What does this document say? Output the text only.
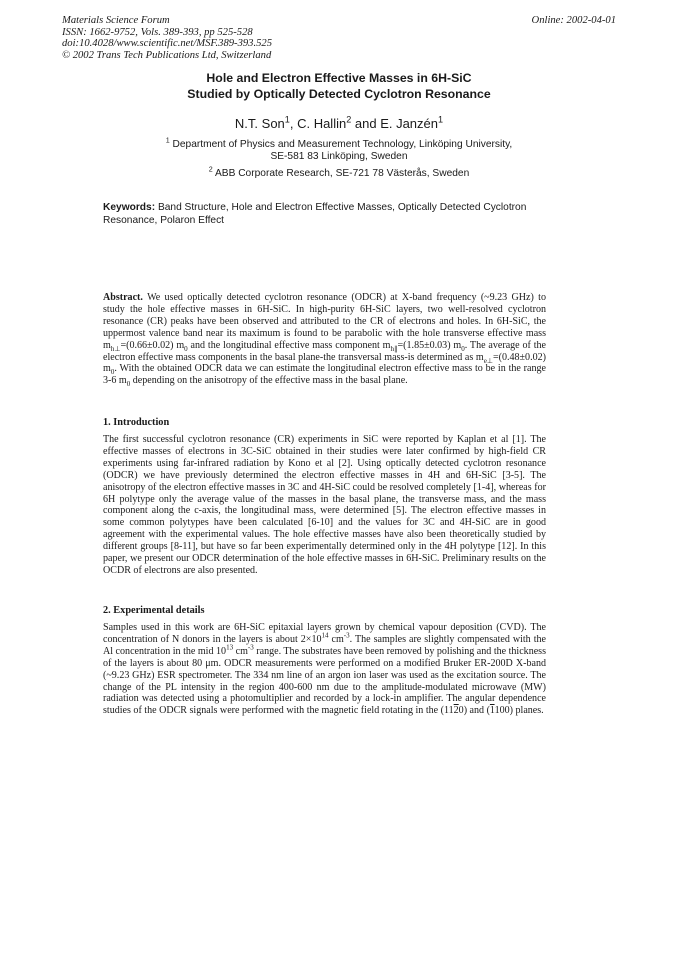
Materials Science Forum
ISSN: 1662-9752, Vols. 389-393, pp 525-528
doi:10.4028/www.scientific.net/MSF.389-393.525
© 2002 Trans Tech Publications Ltd, Switzerland
Online: 2002-04-01
Hole and Electron Effective Masses in 6H-SiC
Studied by Optically Detected Cyclotron Resonance
N.T. Son$^1$, C. Hallin$^2$ and E. Janzén$^1$
$^1$ Department of Physics and Measurement Technology, Linköping University,
SE-581 83 Linköping, Sweden
$^2$ ABB Corporate Research, SE-721 78 Västerås, Sweden
Keywords: Band Structure, Hole and Electron Effective Masses, Optically Detected Cyclotron Resonance, Polaron Effect
Abstract. We used optically detected cyclotron resonance (ODCR) at X-band frequency (~9.23 GHz) to study the hole effective masses in 6H-SiC. In high-purity 6H-SiC layers, two well-resolved cyclotron resonance (CR) peaks have been observed and attributed to the CR of electrons and holes. In 6H-SiC, the uppermost valence band near its maximum is found to be parabolic with the hole transverse effective mass $m_{h\perp}=(0.66\pm 0.02)$ $m_0$ and the longitudinal effective mass component $m_{h\parallel}=(1.85\pm 0.03)$ $m_0$. The average of the electron effective mass components in the basal plane-the transversal mass-is determined as $m_{e\perp}=(0.48\pm 0.02)$ $m_0$. With the obtained ODCR data we can estimate the longitudinal electron effective mass to be in the range 3-6 $m_0$ depending on the anisotropy of the effective mass in the basal plane.
1. Introduction
The first successful cyclotron resonance (CR) experiments in SiC were reported by Kaplan et al [1]. The effective masses of electrons in 3C-SiC obtained in their studies were later confirmed by high-field CR experiments using far-infrared radiation by Kono et al [2]. Using optically detected cyclotron resonance (ODCR) we have previously determined the electron effective masses in 4H and 6H-SiC [3-5]. The anisotropy of the electron effective masses in 3C and 4H-SiC could be resolved completely [1-4], whereas for 6H polytype only the average value of the masses in the basal plane, the transverse mass, and the mass component along the c-axis, the longitudinal mass, were determined [5]. The electron effective masses in some common polytypes have been calculated [6-10] and the values for 3C and 4H-SiC are in good agreement with the experimental values. The hole effective masses have also been theoretically studied by different groups [8-11], but have so far been experimentally determined only in the 4H polytype [12]. In this paper, we present our ODCR determination of the hole effective masses in 6H-SiC. Preliminary results on the OCDR of electrons are also presented.
2. Experimental details
Samples used in this work are 6H-SiC epitaxial layers grown by chemical vapour deposition (CVD). The concentration of N donors in the layers is about $2\times 10^{14}$ $cm^{-3}$. The samples are slightly compensated with the Al concentration in the mid $10^{13}$ $cm^{-3}$ range. The substrates have been removed by polishing and the thickness of the layers is about 80 μm. ODCR measurements were performed on a modified Bruker ER-200D X-band (~9.23 GHz) ESR spectrometer. The 334 nm line of an argon ion laser was used as the excitation source. The change of the PL intensity in the region 400-600 nm due to the amplitude-modulated microwave (MW) radiation was detected using a photomultiplier and recorded by a lock-in amplifier. The angular dependence studies of the ODCR signals were performed with the magnetic field rotating in the (1120) and (1100) planes.
